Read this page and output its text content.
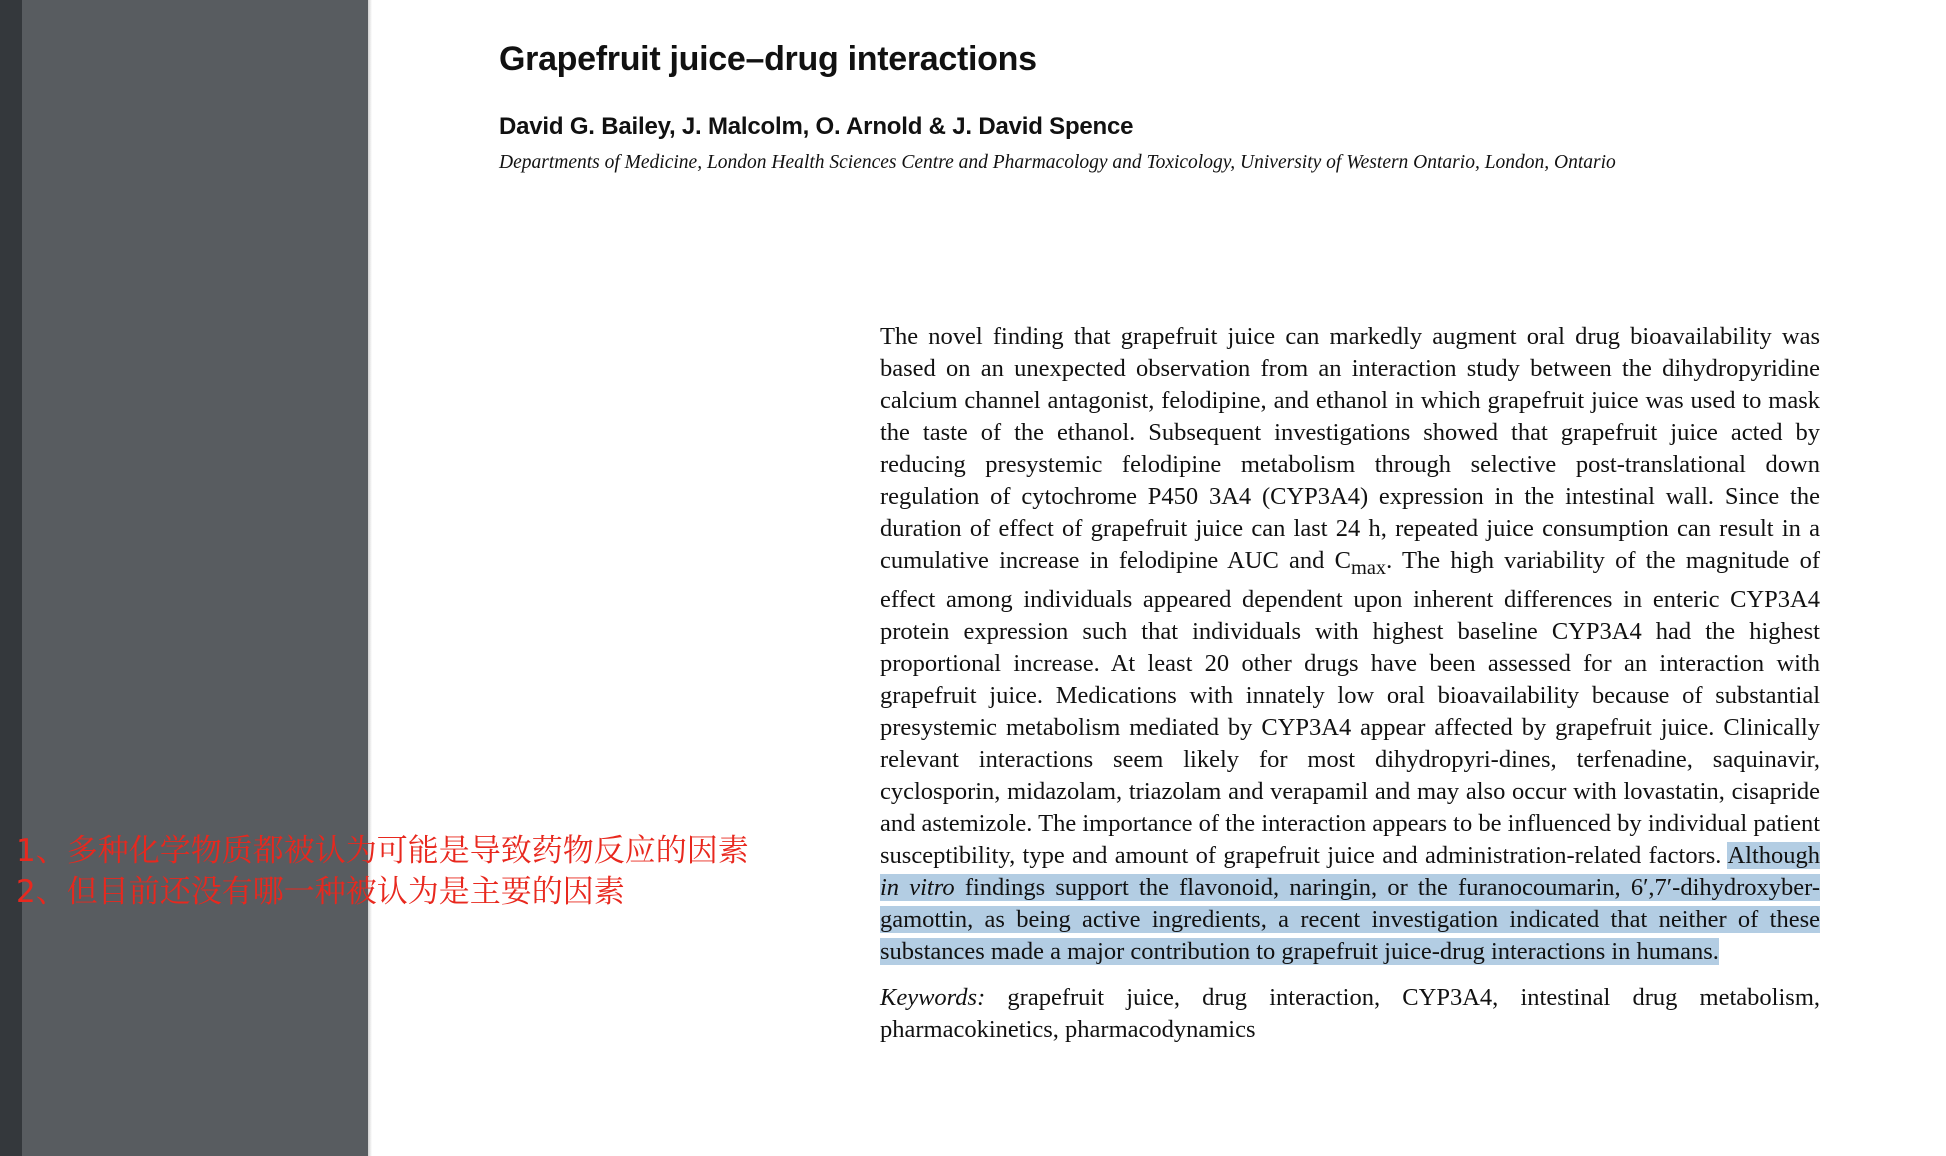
Grapefruit juice–drug interactions
David G. Bailey, J. Malcolm, O. Arnold & J. David Spence
Departments of Medicine, London Health Sciences Centre and Pharmacology and Toxicology, University of Western Ontario, London, Ontario

The novel finding that grapefruit juice can markedly augment oral drug bioavailability was based on an unexpected observation from an interaction study between the dihydropyridine calcium channel antagonist, felodipine, and ethanol in which grapefruit juice was used to mask the taste of the ethanol. Subsequent investigations showed that grapefruit juice acted by reducing presystemic felodipine metabolism through selective post-translational down regulation of cytochrome P450 3A4 (CYP3A4) expression in the intestinal wall. Since the duration of effect of grapefruit juice can last 24 h, repeated juice consumption can result in a cumulative increase in felodipine AUC and $C_{max}$. The high variability of the magnitude of effect among individuals appeared dependent upon inherent differences in enteric CYP3A4 protein expression such that individuals with highest baseline CYP3A4 had the highest proportional increase. At least 20 other drugs have been assessed for an interaction with grapefruit juice. Medications with innately low oral bioavailability because of substantial presystemic metabolism mediated by CYP3A4 appear affected by grapefruit juice. Clinically relevant interactions seem likely for most dihydropyri-dines, terfenadine, saquinavir, cyclosporin, midazolam, triazolam and verapamil and may also occur with lovastatin, cisapride and astemizole. The importance of the interaction appears to be influenced by individual patient susceptibility, type and amount of grapefruit juice and administration-related factors. Although in vitro findings support the flavonoid, naringin, or the furanocoumarin, 6′,7′-dihydroxyber-gamottin, as being active ingredients, a recent investigation indicated that neither of these substances made a major contribution to grapefruit juice-drug interactions in humans.

Keywords: grapefruit juice, drug interaction, CYP3A4, intestinal drug metabolism, pharmacokinetics, pharmacodynamics

1、多种化学物质都被认为可能是导致药物反应的因素
2、但目前还没有哪一种被认为是主要的因素
